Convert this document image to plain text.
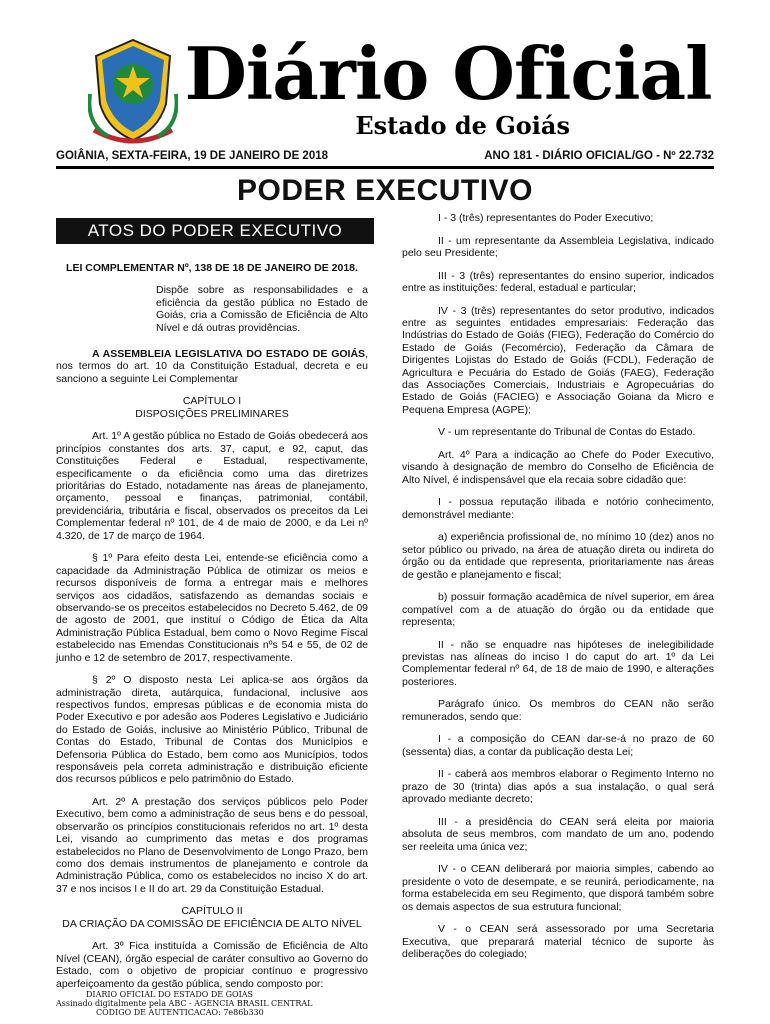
Diário Oficial
Estado de Goiás
GOIÂNIA, SEXTA-FEIRA, 19 DE JANEIRO DE 2018	ANO 181 - DIÁRIO OFICIAL/GO - Nº 22.732
PODER EXECUTIVO
ATOS DO PODER EXECUTIVO

LEI COMPLEMENTAR Nº, 138 DE 18 DE JANEIRO DE 2018.

Dispõe sobre as responsabilidades e a eficiência da gestão pública no Estado de Goiás, cria a Comissão de Eficiência de Alto Nível e dá outras providências.

A ASSEMBLEIA LEGISLATIVA DO ESTADO DE GOIÁS, nos termos do art. 10 da Constituição Estadual, decreta e eu sanciono a seguinte Lei Complementar

CAPÍTULO I

DISPOSIÇÕES PRELIMINARES

Art. 1º A gestão pública no Estado de Goiás obedecerá aos princípios constantes dos arts. 37, caput, e 92, caput, das Constituições Federal e Estadual, respectivamente, especificamente o da eficiência como uma das diretrizes prioritárias do Estado, notadamente nas áreas de planejamento, orçamento, pessoal e finanças, patrimonial, contábil, previdenciária, tributária e fiscal, observados os preceitos da Lei Complementar federal nº 101, de 4 de maio de 2000, e da Lei nº 4.320, de 17 de março de 1964.

§ 1º Para efeito desta Lei, entende-se eficiência como a capacidade da Administração Pública de otimizar os meios e recursos disponíveis de forma a entregar mais e melhores serviços aos cidadãos, satisfazendo as demandas sociais e observando-se os preceitos estabelecidos no Decreto 5.462, de 09 de agosto de 2001, que instituí o Código de Ética da Alta Administração Pública Estadual, bem como o Novo Regime Fiscal estabelecido nas Emendas Constitucionais nºs 54 e 55, de 02 de junho e 12 de setembro de 2017, respectivamente.

§ 2º O disposto nesta Lei aplica-se aos órgãos da administração direta, autárquica, fundacional, inclusive aos respectivos fundos, empresas públicas e de economia mista do Poder Executivo e por adesão aos Poderes Legislativo e Judiciário do Estado de Goiás, inclusive ao Ministério Público, Tribunal de Contas do Estado, Tribunal de Contas dos Municípios e Defensoria Pública do Estado, bem como aos Municípios, todos responsáveis pela correta administração e distribuição eficiente dos recursos públicos e pelo patrimônio do Estado.

Art. 2º A prestação dos serviços públicos pelo Poder Executivo, bem como a administração de seus bens e do pessoal, observarão os princípios constitucionais referidos no art. 1º desta Lei, visando ao cumprimento das metas e dos programas estabelecidos no Plano de Desenvolvimento de Longo Prazo, bem como dos demais instrumentos de planejamento e controle da Administração Pública, como os estabelecidos no inciso X do art. 37 e nos incisos I e II do art. 29 da Constituição Estadual.

CAPÍTULO II

DA CRIAÇÃO DA COMISSÃO DE EFICIÊNCIA DE ALTO NÍVEL

Art. 3º Fica instituída a Comissão de Eficiência de Alto Nível (CEAN), órgão especial de caráter consultivo ao Governo do Estado, com o objetivo de propiciar contínuo e progressivo aperfeiçoamento da gestão pública, sendo composto por:

I - 3 (três) representantes do Poder Executivo;

II - um representante da Assembleia Legislativa, indicado pelo seu Presidente;

III - 3 (três) representantes do ensino superior, indicados entre as instituições: federal, estadual e particular;

IV - 3 (três) representantes do setor produtivo, indicados entre as seguintes entidades empresariais: Federação das Indústrias do Estado de Goiás (FIEG), Federação do Comércio do Estado de Goiás (Fecomércio), Federação da Câmara de Dirigentes Lojistas do Estado de Goiás (FCDL), Federação de Agricultura e Pecuária do Estado de Goiás (FAEG), Federação das Associações Comerciais, Industriais e Agropecuárias do Estado de Goiás (FACIEG) e Associação Goiana da Micro e Pequena Empresa (AGPE);

V - um representante do Tribunal de Contas do Estado.

Art. 4º Para a indicação ao Chefe do Poder Executivo, visando à designação de membro do Conselho de Eficiência de Alto Nível, é indispensável que ela recaia sobre cidadão que:

I - possua reputação ilibada e notório conhecimento, demonstrável mediante:

a) experiência profissional de, no mínimo 10 (dez) anos no setor público ou privado, na área de atuação direta ou indireta do órgão ou da entidade que representa, prioritariamente nas áreas de gestão e planejamento e fiscal;

b) possuir formação acadêmica de nível superior, em área compatível com a de atuação do órgão ou da entidade que representa;

II - não se enquadre nas hipóteses de inelegibilidade previstas nas alíneas do inciso I do caput do art. 1º da Lei Complementar federal nº 64, de 18 de maio de 1990, e alterações posteriores.

Parágrafo único. Os membros do CEAN não serão remunerados, sendo que:

I - a composição do CEAN dar-se-á no prazo de 60 (sessenta) dias, a contar da publicação desta Lei;

II - caberá aos membros elaborar o Regimento Interno no prazo de 30 (trinta) dias após a sua instalação, o qual será aprovado mediante decreto;

III - a presidência do CEAN será eleita por maioria absoluta de seus membros, com mandato de um ano, podendo ser reeleita uma única vez;

IV - o CEAN deliberará por maioria simples, cabendo ao presidente o voto de desempate, e se reunirá, periodicamente, na forma estabelecida em seu Regimento, que disporá também sobre os demais aspectos de sua estrutura funcional;

V - o CEAN será assessorado por uma Secretaria Executiva, que preparará material técnico de suporte às deliberações do colegiado;

DIARIO OFICIAL DO ESTADO DE GOIAS
Assinado digitalmente pela ABC - AGENCIA BRASIL CENTRAL
CODIGO DE AUTENTICACAO: 7e86b330
